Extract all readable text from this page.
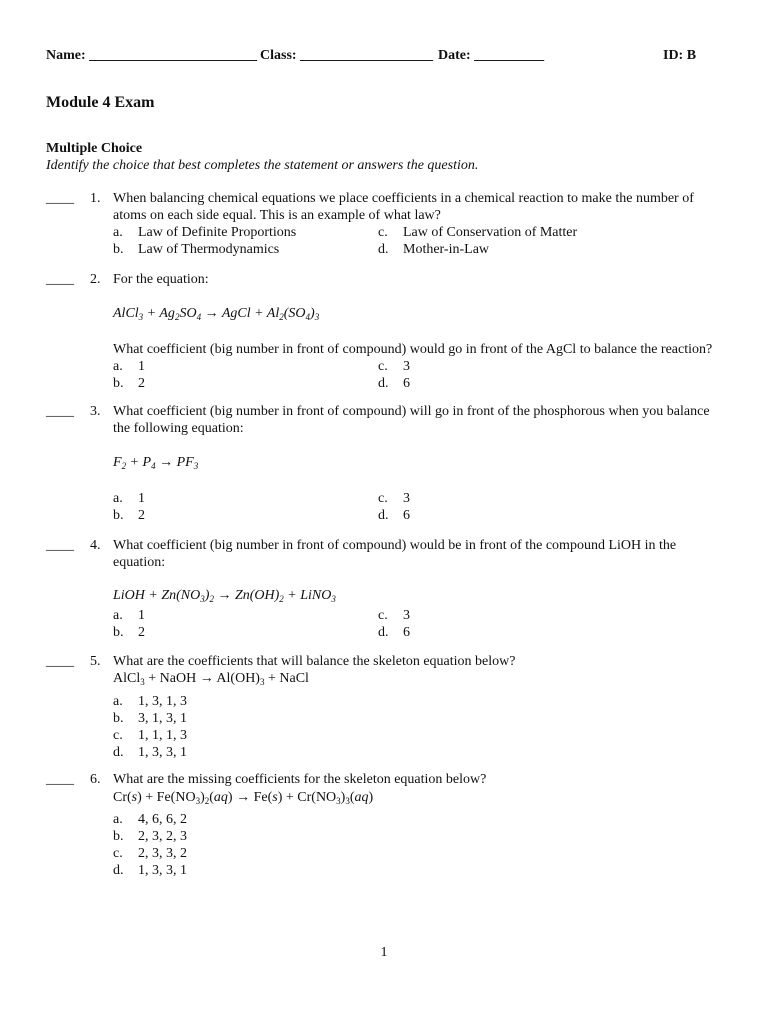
Name: ________________________ Class: ___________________ Date: __________	ID: B
Module 4 Exam
Multiple Choice
Identify the choice that best completes the statement or answers the question.
____ 1. When balancing chemical equations we place coefficients in a chemical reaction to make the number of atoms on each side equal. This is an example of what law?
a. Law of Definite Proportions
b. Law of Thermodynamics
c. Law of Conservation of Matter
d. Mother-in-Law
____ 2. For the equation:
AlCl$_3$ + $Ag_2SO_4$ → AgCl + $Al_2(SO_4)_3$
What coefficient (big number in front of compound) would go in front of the AgCl to balance the reaction?
a. 1
b. 2
c. 3
d. 6
____ 3. What coefficient (big number in front of compound) will go in front of the phosphorous when you balance the following equation:
$F_2 + P_4 \to PF_3$
a. 1
b. 2
c. 3
d. 6
____ 4. What coefficient (big number in front of compound) would be in front of the compound LiOH in the equation:
LiOH + $Zn(NO_3)_2 \to Zn(OH)_2$ + LiNO$_3$
a. 1
b. 2
c. 3
d. 6
____ 5. What are the coefficients that will balance the skeleton equation below?
AlCl$_3$ + NaOH → $Al(OH)_3$ + NaCl
a. 1, 3, 1, 3
b. 3, 1, 3, 1
c. 1, 1, 1, 3
d. 1, 3, 3, 1
____ 6. What are the missing coefficients for the skeleton equation below?
$Cr(s) + Fe(NO_3)_2(aq) \to Fe(s) + Cr(NO_3)_3(aq)$
a. 4, 6, 6, 2
b. 2, 3, 2, 3
c. 2, 3, 3, 2
d. 1, 3, 3, 1
1
